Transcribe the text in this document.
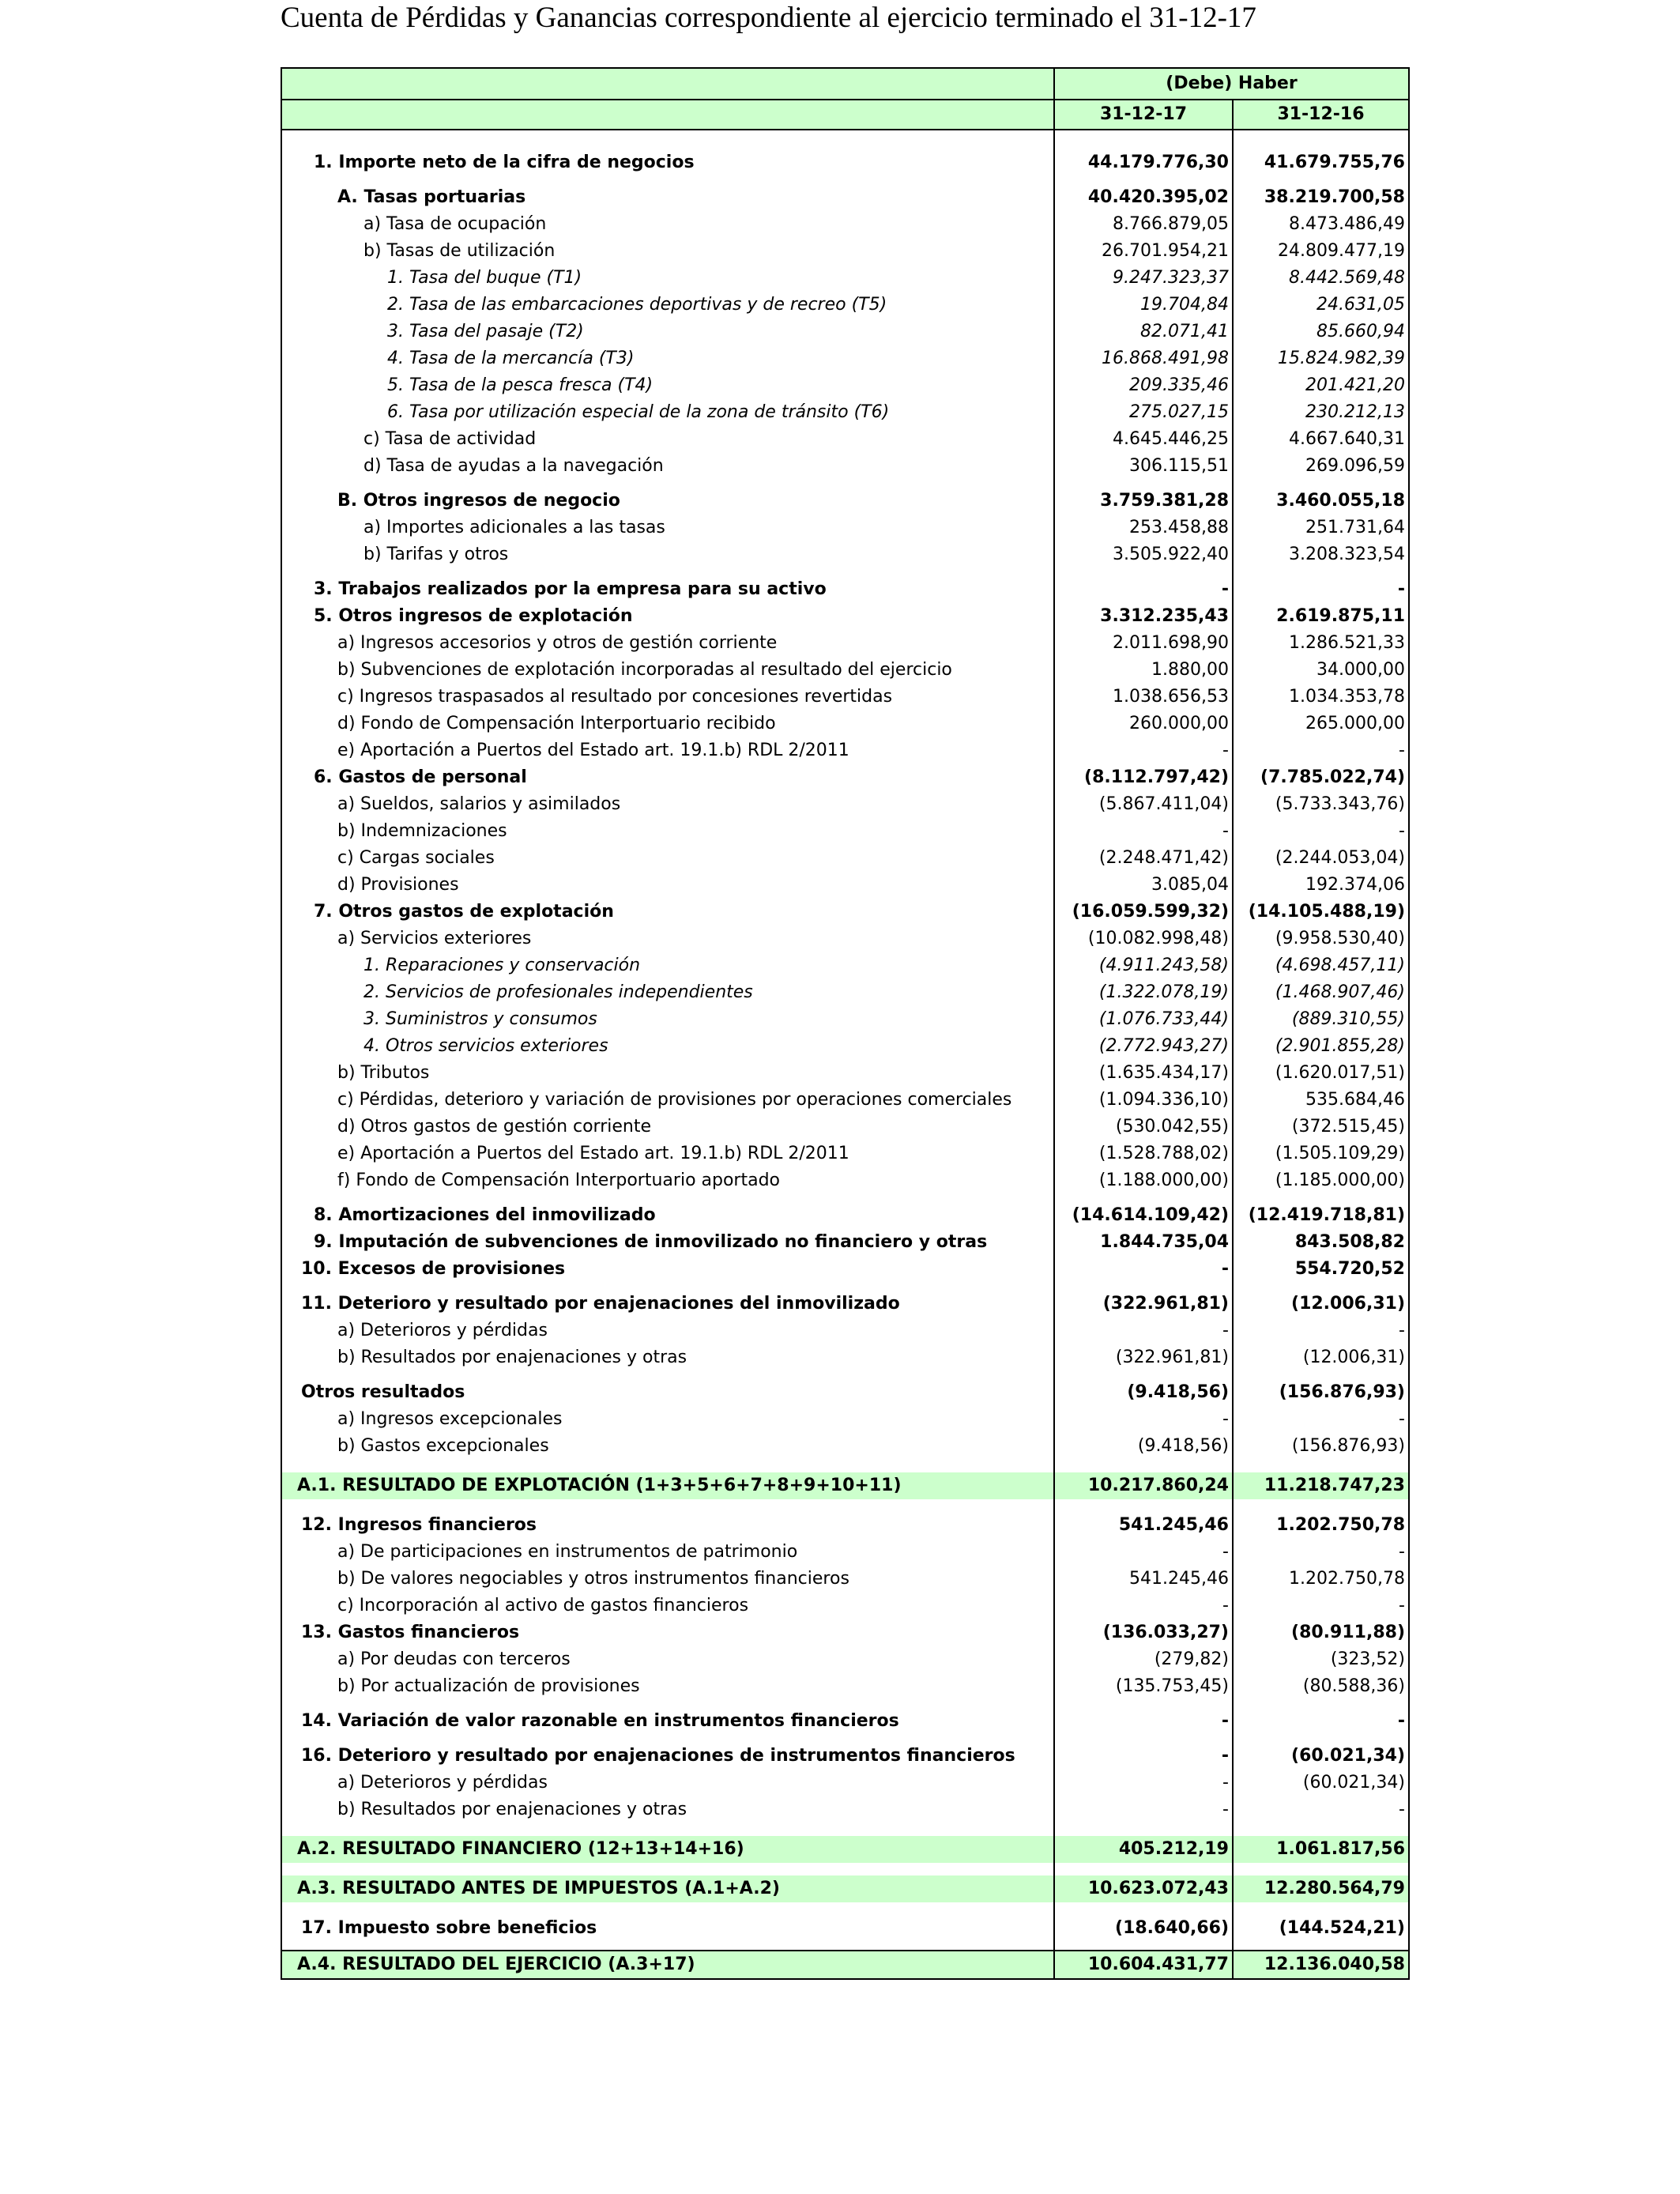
Cuenta de Pérdidas y Ganancias correspondiente al ejercicio terminado el 31-12-17
	(Debe) Haber	
	31-12-17	31-12-16

1. Importe neto de la cifra de negocios	44.179.776,30	41.679.755,76

A. Tasas portuarias	40.420.395,02	38.219.700,58
a) Tasa de ocupación	8.766.879,05	8.473.486,49
b) Tasas de utilización	26.701.954,21	24.809.477,19
1. Tasa del buque (T1)	9.247.323,37	8.442.569,48
2. Tasa de las embarcaciones deportivas y de recreo (T5)	19.704,84	24.631,05
3. Tasa del pasaje (T2)	82.071,41	85.660,94
4. Tasa de la mercancía (T3)	16.868.491,98	15.824.982,39
5. Tasa de la pesca fresca (T4)	209.335,46	201.421,20
6. Tasa por utilización especial de la zona de tránsito (T6)	275.027,15	230.212,13
c) Tasa de actividad	4.645.446,25	4.667.640,31
d) Tasa de ayudas a la navegación	306.115,51	269.096,59

B. Otros ingresos de negocio	3.759.381,28	3.460.055,18
a) Importes adicionales a las tasas	253.458,88	251.731,64
b) Tarifas y otros	3.505.922,40	3.208.323,54

3. Trabajos realizados por la empresa para su activo	-	-
5. Otros ingresos de explotación	3.312.235,43	2.619.875,11
a) Ingresos accesorios y otros de gestión corriente	2.011.698,90	1.286.521,33
b) Subvenciones de explotación incorporadas al resultado del ejercicio	1.880,00	34.000,00
c) Ingresos traspasados al resultado por concesiones revertidas	1.038.656,53	1.034.353,78
d) Fondo de Compensación Interportuario recibido	260.000,00	265.000,00
e) Aportación a Puertos del Estado art. 19.1.b) RDL 2/2011	-	-
6. Gastos de personal	(8.112.797,42)	(7.785.022,74)
a) Sueldos, salarios y asimilados	(5.867.411,04)	(5.733.343,76)
b) Indemnizaciones	-	-
c) Cargas sociales	(2.248.471,42)	(2.244.053,04)
d) Provisiones	3.085,04	192.374,06
7. Otros gastos de explotación	(16.059.599,32)	(14.105.488,19)
a) Servicios exteriores	(10.082.998,48)	(9.958.530,40)
1. Reparaciones y conservación	(4.911.243,58)	(4.698.457,11)
2. Servicios de profesionales independientes	(1.322.078,19)	(1.468.907,46)
3. Suministros y consumos	(1.076.733,44)	(889.310,55)
4. Otros servicios exteriores	(2.772.943,27)	(2.901.855,28)
b) Tributos	(1.635.434,17)	(1.620.017,51)
c) Pérdidas, deterioro y variación de provisiones por operaciones comerciales	(1.094.336,10)	535.684,46
d) Otros gastos de gestión corriente	(530.042,55)	(372.515,45)
e) Aportación a Puertos del Estado art. 19.1.b) RDL 2/2011	(1.528.788,02)	(1.505.109,29)
f) Fondo de Compensación Interportuario aportado	(1.188.000,00)	(1.185.000,00)

8. Amortizaciones del inmovilizado	(14.614.109,42)	(12.419.718,81)
9. Imputación de subvenciones de inmovilizado no financiero y otras	1.844.735,04	843.508,82
10. Excesos de provisiones	-	554.720,52

11. Deterioro y resultado por enajenaciones del inmovilizado	(322.961,81)	(12.006,31)
a) Deterioros y pérdidas	-	-
b) Resultados por enajenaciones y otras	(322.961,81)	(12.006,31)

Otros resultados	(9.418,56)	(156.876,93)
a) Ingresos excepcionales	-	-
b) Gastos excepcionales	(9.418,56)	(156.876,93)

A.1. RESULTADO DE EXPLOTACIÓN (1+3+5+6+7+8+9+10+11)	10.217.860,24	11.218.747,23

12. Ingresos financieros	541.245,46	1.202.750,78
a) De participaciones en instrumentos de patrimonio	-	-
b) De valores negociables y otros instrumentos financieros	541.245,46	1.202.750,78
c) Incorporación al activo de gastos financieros	-	-
13. Gastos financieros	(136.033,27)	(80.911,88)
a) Por deudas con terceros	(279,82)	(323,52)
b) Por actualización de provisiones	(135.753,45)	(80.588,36)

14. Variación de valor razonable en instrumentos financieros	-	-

16. Deterioro y resultado por enajenaciones de instrumentos financieros	-	(60.021,34)
a) Deterioros y pérdidas	-	(60.021,34)
b) Resultados por enajenaciones y otras	-	-

A.2. RESULTADO FINANCIERO (12+13+14+16)	405.212,19	1.061.817,56

A.3. RESULTADO ANTES DE IMPUESTOS (A.1+A.2)	10.623.072,43	12.280.564,79

17. Impuesto sobre beneficios	(18.640,66)	(144.524,21)

A.4. RESULTADO DEL EJERCICIO (A.3+17)	10.604.431,77	12.136.040,58
